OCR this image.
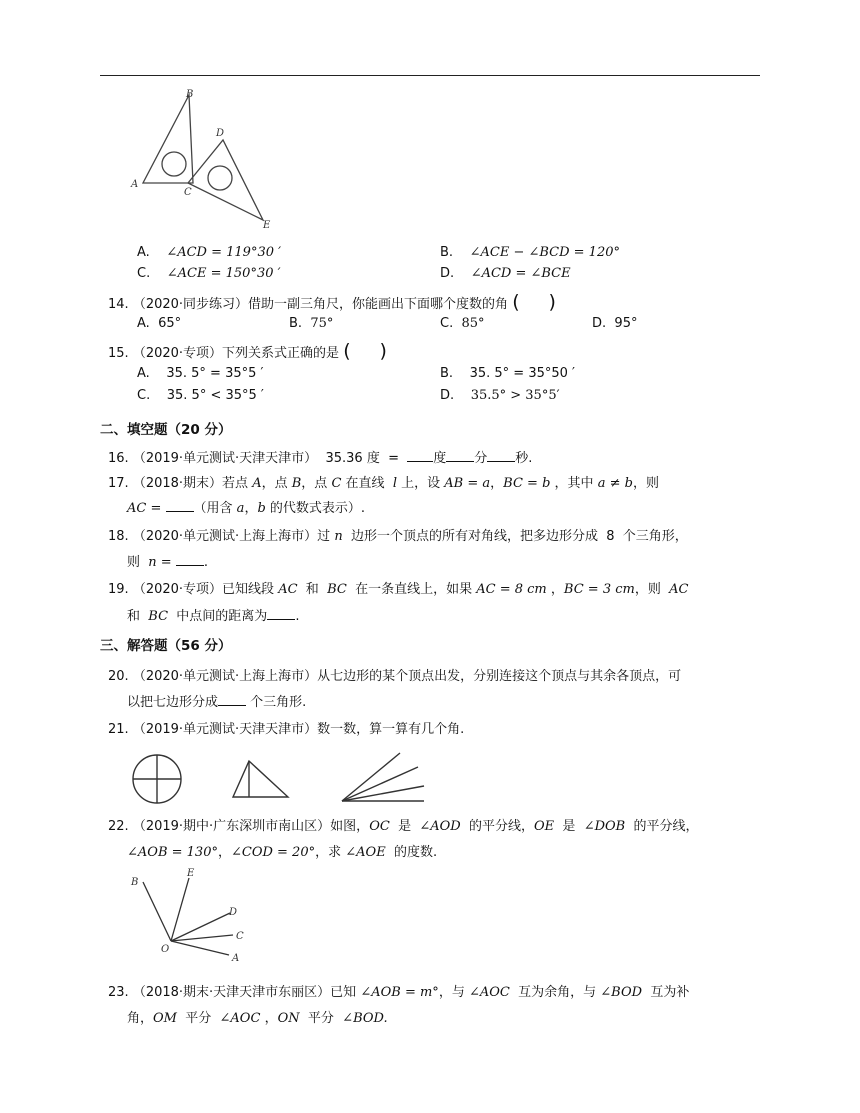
A
B
C
D
E
A. ∠ACD = 119°30 ′	B. ∠ACE − ∠BCD = 120°
C. ∠ACE = 150°30 ′	D. ∠ACD = ∠BCE
14. （2020·同步练习）借助一副三角尺，你能画出下面哪个度数的角 ( )
A. 65°	B. 75°	C. 85°	D. 95°
15. （2020·专项）下列关系式正确的是 ( )
A. 35. 5° = 35°5 ′	B. 35. 5° = 35°50 ′
C. 35. 5° < 35°5 ′	D. 35.5° > 35°5′
二、填空题（20 分）
16. （2019·单元测试·天津天津市） 35.36 度 =	度 分 秒.
17. （2018·期末）若点 A，点 B，点 C 在直线 l 上，设 AB = a，BC = b ，其中 a ≠ b，则
AC = （用含 a，b 的代数式表示）.
18. （2020·单元测试·上海上海市）过 n 边形一个顶点的所有对角线，把多边形分成 8 个三角形，
则 n = .
19. （2020·专项）已知线段 AC 和 BC 在一条直线上，如果 AC = 8 cm ，BC = 3 cm，则 AC
和 BC 中点间的距离为 .
三、解答题（56 分）
20. （2020·单元测试·上海上海市）从七边形的某个顶点出发，分别连接这个顶点与其余各顶点，可
以把七边形分成 个三角形.
21. （2019·单元测试·天津天津市）数一数，算一算有几个角.
22. （2019·期中·广东深圳市南山区）如图，OC 是 ∠AOD 的平分线，OE 是 ∠DOB 的平分线，
∠AOB = 130°，∠COD = 20°，求 ∠AOE 的度数.
B
E
D
C
A
O
23. （2018·期末·天津天津市东丽区）已知 ∠AOB = m°，与 ∠AOC 互为余角，与 ∠BOD 互为补
角，OM 平分 ∠AOC ，ON 平分 ∠BOD.
